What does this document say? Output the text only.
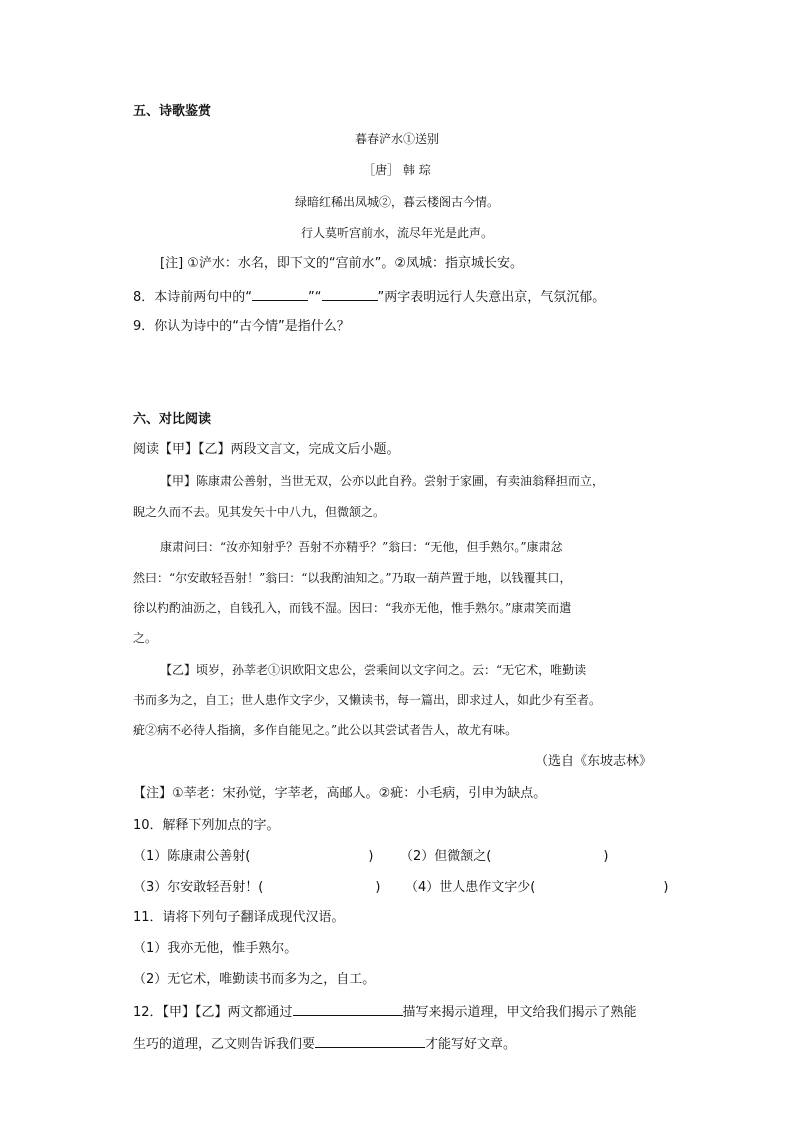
五、诗歌鉴赏
暮春浐水①送别
［唐］ 韩 琮
绿暗红稀出凤城②，暮云楼阁古今情。
行人莫听宫前水，流尽年光是此声。
[注] ①浐水：水名，即下文的“宫前水”。②凤城：指京城长安。
8．本诗前两句中的“	”“	”两字表明远行人失意出京，气氛沉郁。
9．你认为诗中的“古今情”是指什么？
六、对比阅读
阅读【甲】【乙】两段文言文，完成文后小题。
【甲】陈康肃公善射，当世无双，公亦以此自矜。尝射于家圃，有卖油翁释担而立，
睨之久而不去。见其发矢十中八九，但微颔之。
康肃问曰：“汝亦知射乎？吾射不亦精乎？”翁曰：“无他，但手熟尔。”康肃忿
然曰：“尔安敢轻吾射！”翁曰：“以我酌油知之。”乃取一葫芦置于地，以钱覆其口，
徐以杓酌油沥之，自钱孔入，而钱不湿。因曰：“我亦无他，惟手熟尔。”康肃笑而遣
之。
【乙】顷岁，孙莘老①识欧阳文忠公，尝乘间以文字问之。云：“无它术，唯勤读
书而多为之，自工；世人患作文字少，又懒读书，每一篇出，即求过人，如此少有至者。
疵②病不必待人指摘，多作自能见之。”此公以其尝试者告人，故尤有味。
（选自《东坡志林》
【注】①莘老：宋孙觉，字莘老，高邮人。②疵：小毛病，引申为缺点。
10．解释下列加点的字。
（1）陈康肃公善射(	) （2）但微颔之(	)
（3）尔安敢轻吾射！(	) （4）世人患作文字少(	)
11．请将下列句子翻译成现代汉语。
（1）我亦无他，惟手熟尔。
（2）无它术，唯勤读书而多为之，自工。
12．【甲】【乙】两文都通过	描写来揭示道理，甲文给我们揭示了熟能
生巧的道理，乙文则告诉我们要	才能写好文章。
